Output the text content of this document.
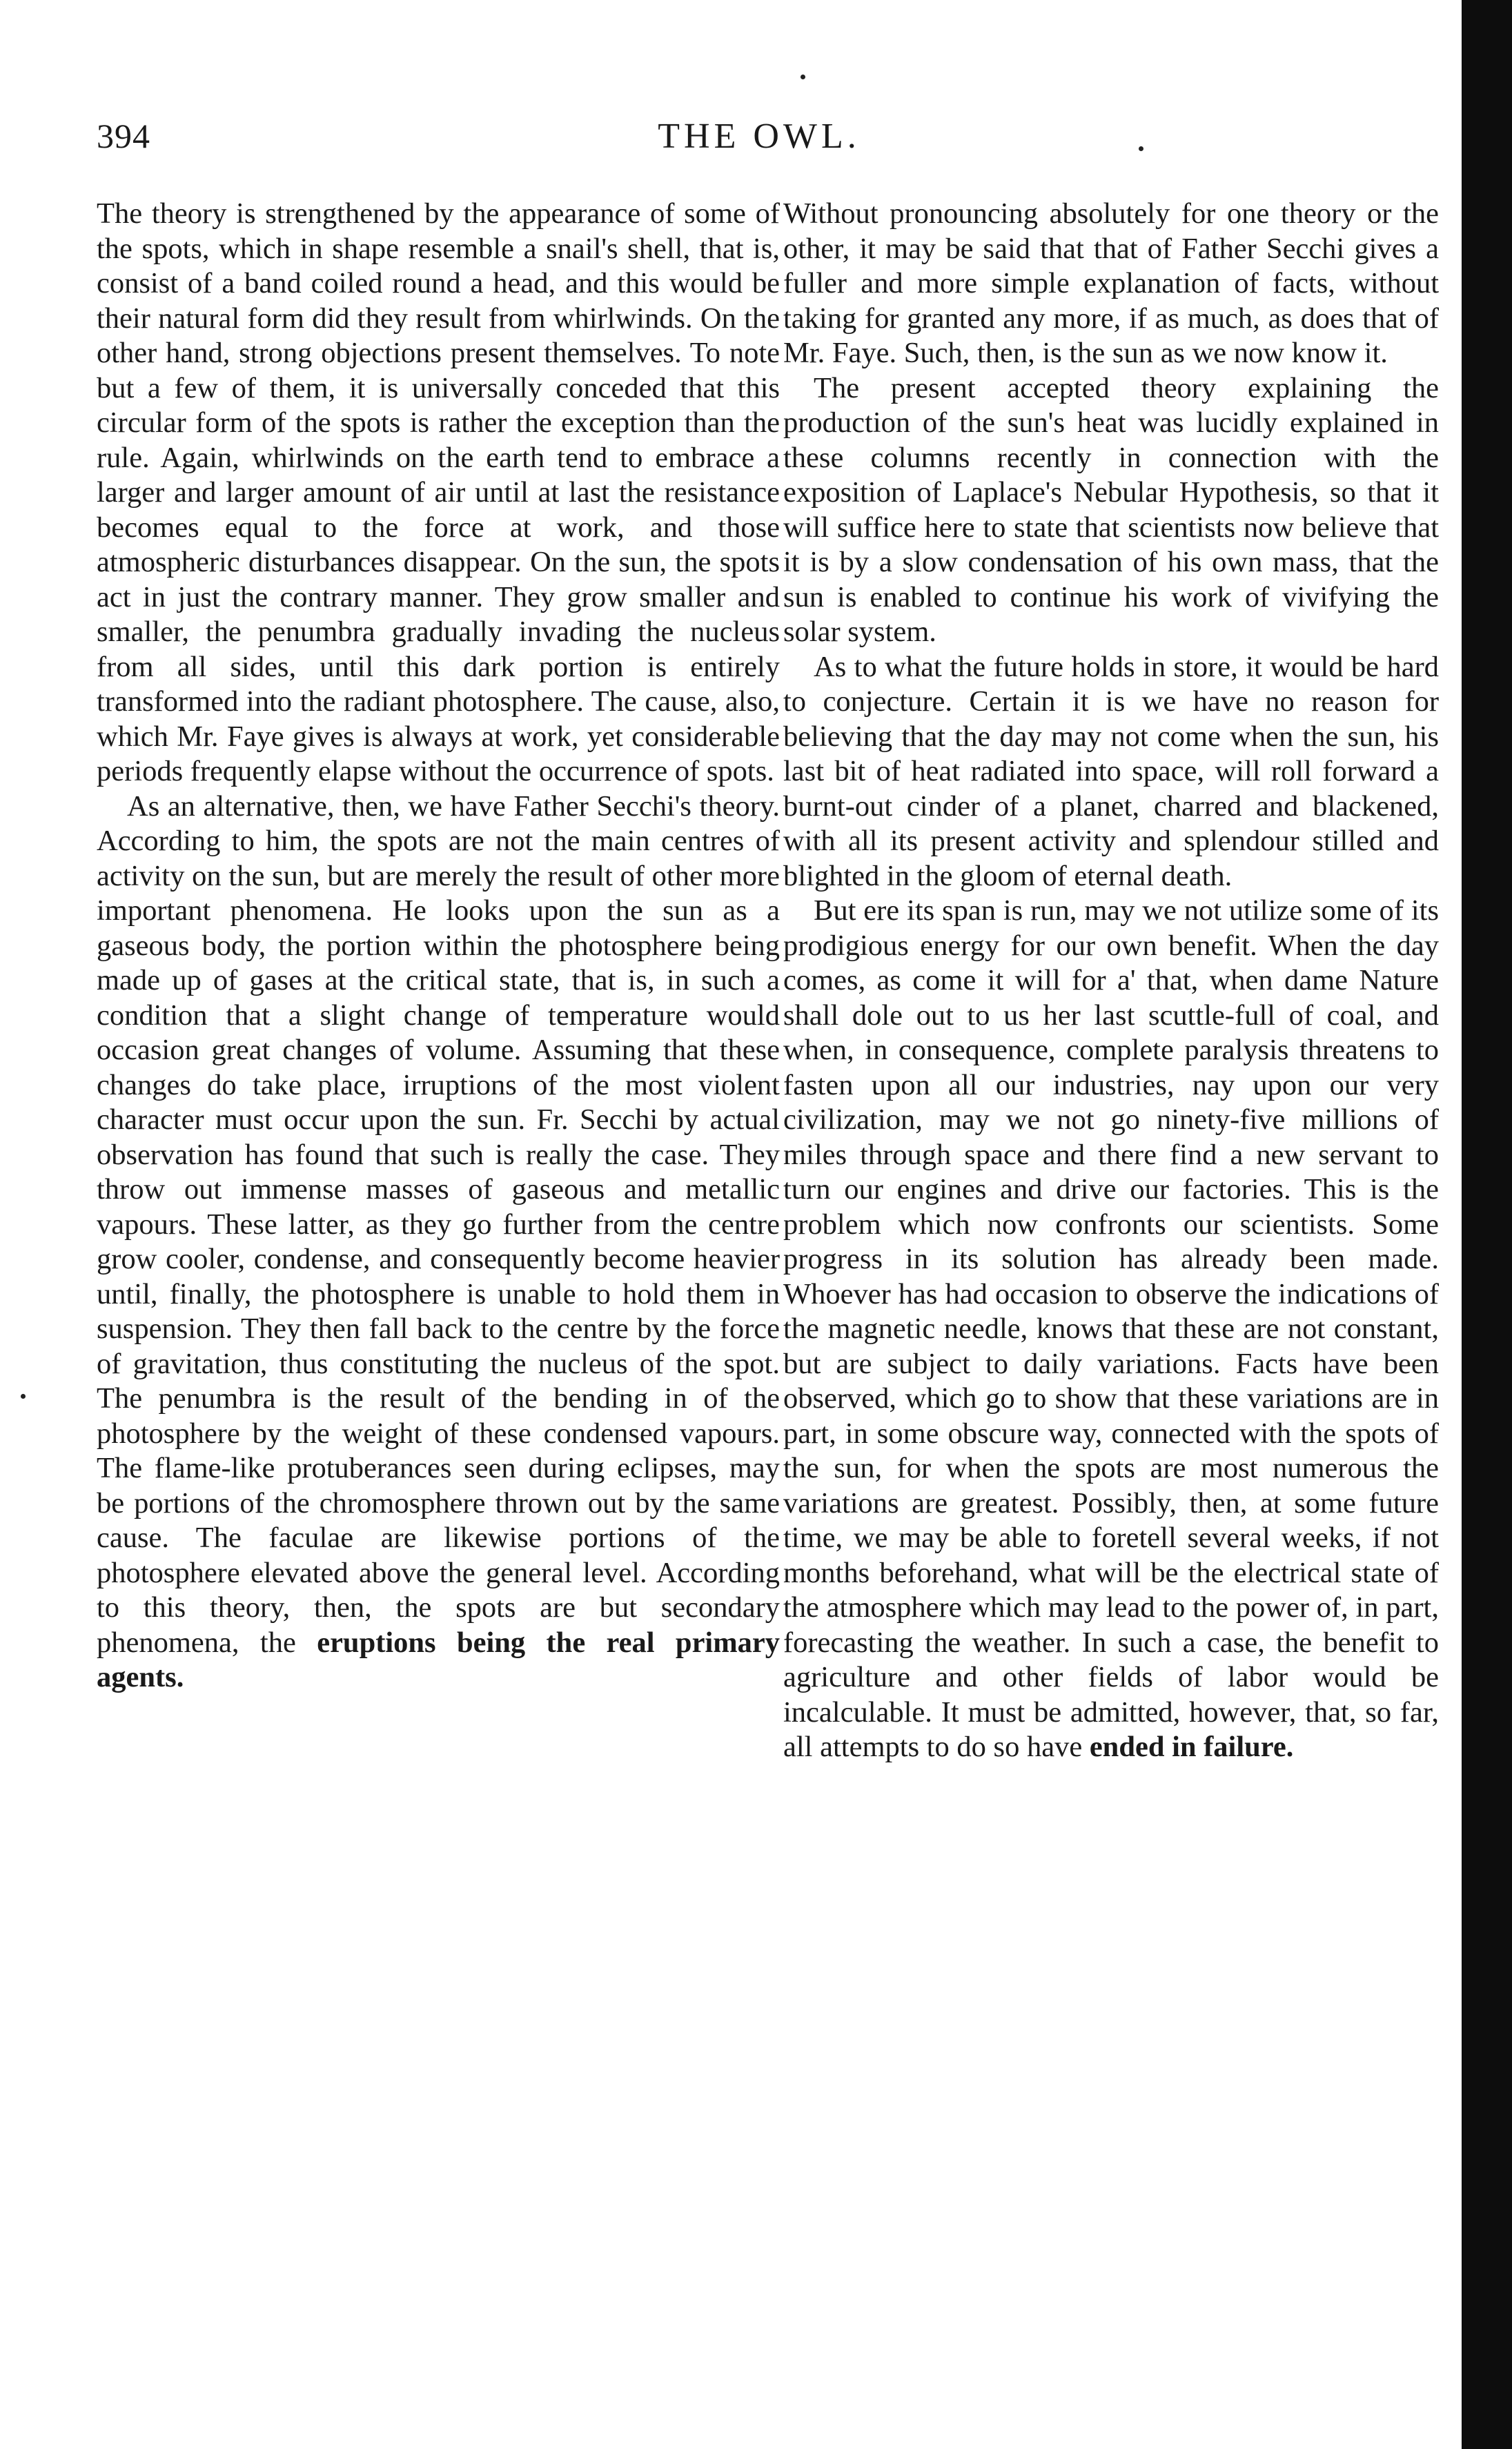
394	THE OWL.

The theory is strengthened by the appearance of some of the spots, which in shape resemble a snail's shell, that is, consist of a band coiled round a head, and this would be their natural form did they result from whirlwinds. On the other hand, strong objections present themselves. To note but a few of them, it is universally conceded that this circular form of the spots is rather the exception than the rule. Again, whirlwinds on the earth tend to embrace a larger and larger amount of air until at last the resistance becomes equal to the force at work, and those atmospheric disturbances disappear. On the sun, the spots act in just the contrary manner. They grow smaller and smaller, the penumbra gradually invading the nucleus from all sides, until this dark portion is entirely transformed into the radiant photosphere. The cause, also, which Mr. Faye gives is always at work, yet considerable periods frequently elapse without the occurrence of spots.

As an alternative, then, we have Father Secchi's theory. According to him, the spots are not the main centres of activity on the sun, but are merely the result of other more important phenomena. He looks upon the sun as a gaseous body, the portion within the photosphere being made up of gases at the critical state, that is, in such a condition that a slight change of temperature would occasion great changes of volume. Assuming that these changes do take place, irruptions of the most violent character must occur upon the sun. Fr. Secchi by actual observation has found that such is really the case. They throw out immense masses of gaseous and metallic vapours. These latter, as they go further from the centre grow cooler, condense, and consequently become heavier until, finally, the photosphere is unable to hold them in suspension. They then fall back to the centre by the force of gravitation, thus constituting the nucleus of the spot. The penumbra is the result of the bending in of the photosphere by the weight of these condensed vapours. The flame-like protuberances seen during eclipses, may be portions of the chromosphere thrown out by the same cause. The faculae are likewise portions of the photosphere elevated above the general level. According to this theory, then, the spots are but secondary phenomena, the eruptions being the real primary agents.

Without pronouncing absolutely for one theory or the other, it may be said that that of Father Secchi gives a fuller and more simple explanation of facts, without taking for granted any more, if as much, as does that of Mr. Faye. Such, then, is the sun as we now know it.

The present accepted theory explaining the production of the sun's heat was lucidly explained in these columns recently in connection with the exposition of Laplace's Nebular Hypothesis, so that it will suffice here to state that scientists now believe that it is by a slow condensation of his own mass, that the sun is enabled to continue his work of vivifying the solar system.

As to what the future holds in store, it would be hard to conjecture. Certain it is we have no reason for believing that the day may not come when the sun, his last bit of heat radiated into space, will roll forward a burnt-out cinder of a planet, charred and blackened, with all its present activity and splendour stilled and blighted in the gloom of eternal death.

But ere its span is run, may we not utilize some of its prodigious energy for our own benefit. When the day comes, as come it will for a' that, when dame Nature shall dole out to us her last scuttle-full of coal, and when, in consequence, complete paralysis threatens to fasten upon all our industries, nay upon our very civilization, may we not go ninety-five millions of miles through space and there find a new servant to turn our engines and drive our factories. This is the problem which now confronts our scientists. Some progress in its solution has already been made. Whoever has had occasion to observe the indications of the magnetic needle, knows that these are not constant, but are subject to daily variations. Facts have been observed, which go to show that these variations are in part, in some obscure way, connected with the spots of the sun, for when the spots are most numerous the variations are greatest. Possibly, then, at some future time, we may be able to foretell several weeks, if not months beforehand, what will be the electrical state of the atmosphere which may lead to the power of, in part, forecasting the weather. In such a case, the benefit to agriculture and other fields of labor would be incalculable. It must be admitted, however, that, so far, all attempts to do so have ended in failure.
